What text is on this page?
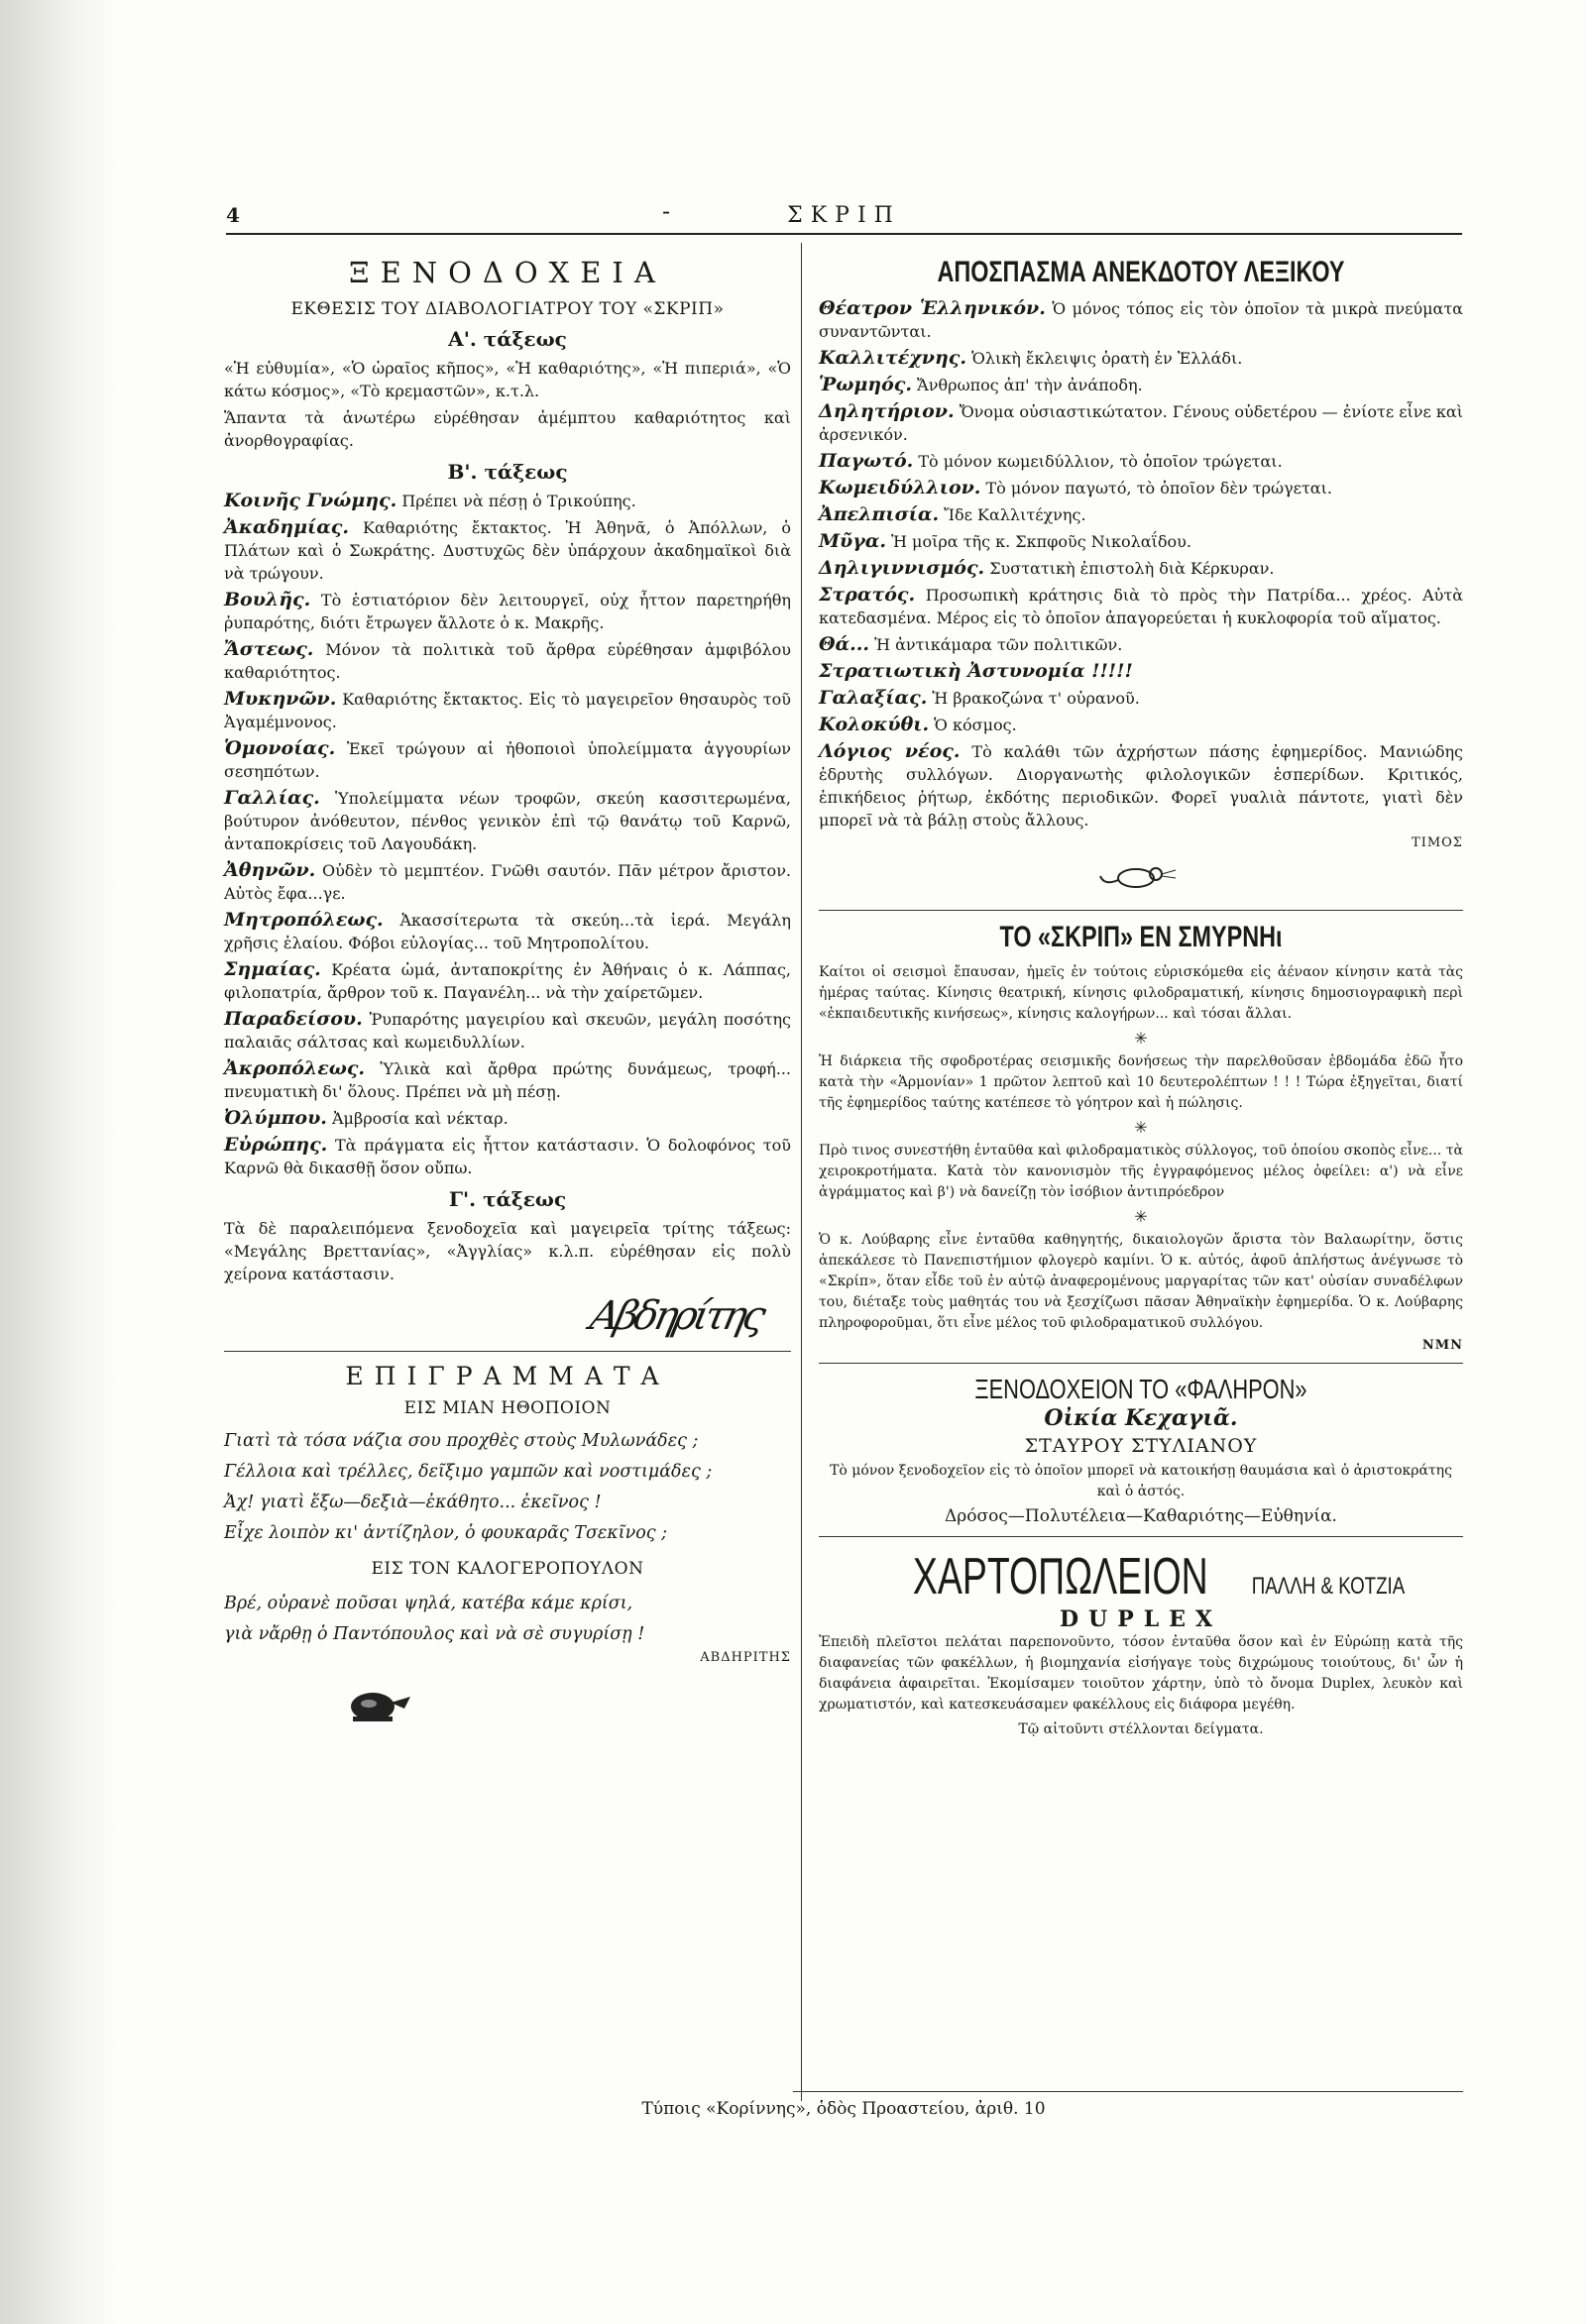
4	-	ΣΚΡΙΠ

ΞΕΝΟΔΟΧΕΙΑ

ΕΚΘΕΣΙΣ ΤΟΥ ΔΙΑΒΟΛΟΓΙΑΤΡΟΥ ΤΟΥ «ΣΚΡΙΠ»

Α'. τάξεως

«Ἡ εὐθυμία», «Ὁ ὡραῖος κῆπος», «Ἡ καθαριότης», «Ἡ πιπεριά», «Ὁ κάτω κόσμος», «Τὸ κρεμαστῶν», κ.τ.λ.

Ἅπαντα τὰ ἀνωτέρω εὑρέθησαν ἀμέμπτου καθαριότητος καὶ ἀνορθογραφίας.

Β'. τάξεως

Κοινῆς Γνώμης. Πρέπει νὰ πέσῃ ὁ Τρικούπης.

Ἀκαδημίας. Καθαριότης ἔκτακτος. Ἡ Ἀθηνᾶ, ὁ Ἀπόλλων, ὁ Πλάτων καὶ ὁ Σωκράτης. Δυστυχῶς δὲν ὑπάρχουν ἀκαδημαϊκοὶ διὰ νὰ τρώγουν.

Βουλῆς. Τὸ ἑστιατόριον δὲν λειτουργεῖ, οὐχ ἧττον παρετηρήθη ῥυπαρότης, διότι ἔτρωγεν ἄλλοτε ὁ κ. Μακρῆς.

Ἄστεως. Μόνον τὰ πολιτικὰ τοῦ ἄρθρα εὑρέθησαν ἀμφιβόλου καθαριότητος.

Μυκηνῶν. Καθαριότης ἔκτακτος. Εἰς τὸ μαγειρεῖον θησαυρὸς τοῦ Ἀγαμέμνονος.

Ὁμονοίας. Ἐκεῖ τρώγουν αἱ ἠθοποιοὶ ὑπολείμματα ἀγγουρίων σεσηπότων.

Γαλλίας. Ὑπολείμματα νέων τροφῶν, σκεύη κασσιτερωμένα, βούτυρον ἀνόθευτον, πένθος γενικὸν ἐπὶ τῷ θανάτῳ τοῦ Καρνῶ, ἀνταποκρίσεις τοῦ Λαγουδάκη.

Ἀθηνῶν. Οὐδὲν τὸ μεμπτέον. Γνῶθι σαυτόν. Πᾶν μέτρον ἄριστον. Αὐτὸς ἔφα...γε.

Μητροπόλεως. Ἀκασσίτερωτα τὰ σκεύη...τὰ ἱερά. Μεγάλη χρῆσις ἐλαίου. Φόβοι εὐλογίας... τοῦ Μητροπολίτου.

Σημαίας. Κρέατα ὠμά, ἀνταποκρίτης ἐν Ἀθήναις ὁ κ. Λάππας, φιλοπατρία, ἄρθρον τοῦ κ. Παγανέλη... νὰ τὴν χαίρετῶμεν.

Παραδείσου. Ῥυπαρότης μαγειρίου καὶ σκευῶν, μεγάλη ποσότης παλαιᾶς σάλτσας καὶ κωμειδυλλίων.

Ἀκροπόλεως. Ὑλικὰ καὶ ἄρθρα πρώτης δυνάμεως, τροφή... πνευματικὴ δι' ὅλους. Πρέπει νὰ μὴ πέσῃ.

Ὀλύμπου. Ἀμβροσία καὶ νέκταρ.

Εὐρώπης. Τὰ πράγματα εἰς ἧττον κατάστασιν. Ὁ δολοφόνος τοῦ Καρνῶ θὰ δικασθῇ ὅσον οὔπω.

Γ'. τάξεως

Τὰ δὲ παραλειπόμενα ξενοδοχεῖα καὶ μαγειρεῖα τρίτης τάξεως: «Μεγάλης Βρεττανίας», «Ἀγγλίας» κ.λ.π. εὑρέθησαν εἰς πολὺ χείρονα κατάστασιν.

Αβδηρίτης

ΕΠΙΓΡΑΜΜΑΤΑ

ΕΙΣ ΜΙΑΝ ΗΘΟΠΟΙΟΝ

Γιατὶ τὰ τόσα νάζια σου προχθὲς στοὺς Μυλωνάδες ;
Γέλλοια καὶ τρέλλες, δεῖξιμο γαμπῶν καὶ νοστιμάδες ;
Ἀχ! γιατὶ ἔξω—δεξιὰ—ἐκάθητο... ἐκεῖνος !
Εἶχε λοιπὸν κι' ἀντίζηλον, ὁ φουκαρᾶς Τσεκῖνος ;

ΕΙΣ ΤΟΝ ΚΑΛΟΓΕΡΟΠΟΥΛΟΝ

Βρέ, οὐρανὲ ποῦσαι ψηλά, κατέβα κάμε κρίσι,
γιὰ νἄρθῃ ὁ Παντόπουλος καὶ νὰ σὲ συγυρίσῃ !

ΑΒΔΗΡΙΤΗΣ

ΑΠΟΣΠΑΣΜΑ ΑΝΕΚΔΟΤΟΥ ΛΕΞΙΚΟΥ

Θέατρον Ἑλληνικόν. Ὁ μόνος τόπος εἰς τὸν ὁποῖον τὰ μικρὰ πνεύματα συναντῶνται.

Καλλιτέχνης. Ὁλικὴ ἔκλειψις ὁρατὴ ἐν Ἑλλάδι.

Ῥωμηός. Ἄνθρωπος ἀπ' τὴν ἀνάποδη.

Δηλητήριον. Ὄνομα οὐσιαστικώτατον. Γένους οὐδετέρου — ἐνίοτε εἶνε καὶ ἀρσενικόν.

Παγωτό. Τὸ μόνον κωμειδύλλιον, τὸ ὁποῖον τρώγεται.

Κωμειδύλλιον. Τὸ μόνον παγωτό, τὸ ὁποῖον δὲν τρώγεται.

Ἀπελπισία. Ἴδε Καλλιτέχνης.

Μῦγα. Ἡ μοῖρα τῆς κ. Σκπφοῦς Νικολαΐδου.

Δηλιγιννισμός. Συστατικὴ ἐπιστολὴ διὰ Κέρκυραν.

Στρατός. Προσωπικὴ κράτησις διὰ τὸ πρὸς τὴν Πατρίδα... χρέος. Αὐτὰ κατεδασμένα. Μέρος εἰς τὸ ὁποῖον ἀπαγορεύεται ἡ κυκλοφορία τοῦ αἵματος.

Θά... Ἡ ἀντικάμαρα τῶν πολιτικῶν.

Στρατιωτικὴ Ἀστυνομία !!!!!

Γαλαξίας. Ἡ βρακοζώνα τ' οὐρανοῦ.

Κολοκύθι. Ὁ κόσμος.

Λόγιος νέος. Τὸ καλάθι τῶν ἀχρήστων πάσης ἐφημερίδος. Μανιώδης ἐδρυτὴς συλλόγων. Διοργανωτὴς φιλολογικῶν ἑσπερίδων. Κριτικός, ἐπικήδειος ῥήτωρ, ἐκδότης περιοδικῶν. Φορεῖ γυαλιὰ πάντοτε, γιατὶ δὲν μπορεῖ νὰ τὰ βάλῃ στοὺς ἄλλους.

ΤΙΜΟΣ

ΤΟ «ΣΚΡΙΠ» ΕΝ ΣΜΥΡΝΗι

Καίτοι οἱ σεισμοὶ ἔπαυσαν, ἡμεῖς ἐν τούτοις εὑρισκόμεθα εἰς ἀέναον κίνησιν κατὰ τὰς ἡμέρας ταύτας. Κίνησις θεατρική, κίνησις φιλοδραματική, κίνησις δημοσιογραφικὴ περὶ «ἐκπαιδευτικῆς κινήσεως», κίνησις καλογήρων... καὶ τόσαι ἄλλαι.

✳

Ἡ διάρκεια τῆς σφοδροτέρας σεισμικῆς δονήσεως τὴν παρελθοῦσαν ἑβδομάδα ἐδῶ ἦτο κατὰ τὴν «Ἁρμονίαν» 1 πρῶτον λεπτοῦ καὶ 10 δευτερολέπτων ! ! ! Τώρα ἐξηγεῖται, διατί τῆς ἐφημερίδος ταύτης κατέπεσε τὸ γόητρον καὶ ἡ πώλησις.

✳

Πρὸ τινος συνεστήθη ἐνταῦθα καὶ φιλοδραματικὸς σύλλογος, τοῦ ὁποίου σκοπὸς εἶνε... τὰ χειροκροτήματα. Κατὰ τὸν κανονισμὸν τῆς ἐγγραφόμενος μέλος ὀφείλει: α') νὰ εἶνε ἀγράμματος καὶ β') νὰ δανείζῃ τὸν ἰσόβιον ἀντιπρόεδρον

✳

Ὁ κ. Λούβαρης εἶνε ἐνταῦθα καθηγητής, δικαιολογῶν ἄριστα τὸν Βαλαωρίτην, ὅστις ἀπεκάλεσε τὸ Πανεπιστήμιον φλογερὸ καμίνι. Ὁ κ. αὐτός, ἀφοῦ ἀπλήστως ἀνέγνωσε τὸ «Σκρίπ», ὅταν εἶδε τοῦ ἐν αὐτῷ ἀναφερομένους μαργαρίτας τῶν κατ' οὐσίαν συναδέλφων του, διέταξε τοὺς μαθητάς του νὰ ξεσχίζωσι πᾶσαν Ἀθηναϊκὴν ἐφημερίδα. Ὁ κ. Λούβαρης πληροφοροῦμαι, ὅτι εἶνε μέλος τοῦ φιλοδραματικοῦ συλλόγου.

ΝΜΝ

ΞΕΝΟΔΟΧΕΙΟΝ ΤΟ «ΦΑΛΗΡΟΝ»

Οἰκία Κεχαγιᾶ.

ΣΤΑΥΡΟΥ ΣΤΥΛΙΑΝΟΥ

Τὸ μόνον ξενοδοχεῖον εἰς τὸ ὁποῖον μπορεῖ νὰ κατοικήσῃ θαυμάσια καὶ ὁ ἀριστοκράτης καὶ ὁ ἀστός.

Δρόσος—Πολυτέλεια—Καθαριότης—Εὐθηνία.

ΧΑΡΤΟΠΩΛΕΙΟΝ ΠΑΛΛΗ & ΚΟΤΖΙΑ

DUPLEX

Ἐπειδὴ πλεῖστοι πελάται παρεπονοῦντο, τόσον ἐνταῦθα ὅσον καὶ ἐν Εὐρώπῃ κατὰ τῆς διαφανείας τῶν φακέλλων, ἡ βιομηχανία εἰσήγαγε τοὺς διχρώμους τοιούτους, δι' ὧν ἡ διαφάνεια ἀφαιρεῖται. Ἐκομίσαμεν τοιοῦτον χάρτην, ὑπὸ τὸ ὄνομα Duplex, λευκὸν καὶ χρωματιστόν, καὶ κατεσκευάσαμεν φακέλλους εἰς διάφορα μεγέθη.

Τῷ αἰτοῦντι στέλλονται δείγματα.

Τύποις «Κορίννης», ὁδὸς Προαστείου, ἀριθ. 10
